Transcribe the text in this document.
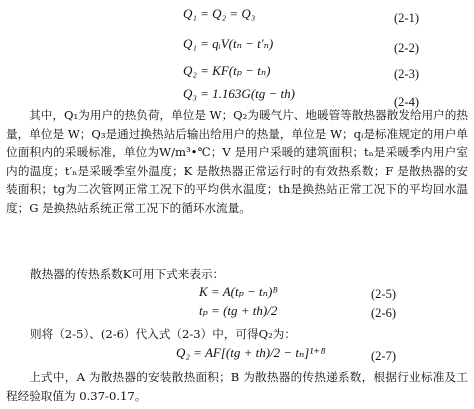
Q₁ = Q₂ = Q₃	(2-1)
Q₁ = qᵢV(tₙ − t′ₙ)	(2-2)
Q₂ = KF(tₚ − tₙ)	(2-3)
Q₃ = 1.163G(tg − th)
(2-4)

其中，Q₁为用户的热负荷，单位是 W；Q₂为暖气片、地暖管等散热器散发给用户的热量，单位是 W；Q₃是通过换热站后输出给用户的热量，单位是 W；qᵢ是标准规定的用户单位面积内的采暖标准，单位为W/m³•℃；V 是用户采暖的建筑面积；tₙ是采暖季内用户室内的温度；t′ₙ是采暖季室外温度；K 是散热器正常运行时的有效热系数；F 是散热器的安装面积；tg为二次管网正常工况下的平均供水温度；th是换热站正常工况下的平均回水温度；G 是换热站系统正常工况下的循环水流量。

散热器的传热系数K可用下式来表示：
K = A(tₚ − tₙ)ᴮ	(2-5)
tₚ = (tg + th)/2	(2-6)
则将（2-5）、(2-6）代入式（2-3）中，可得Q₂为：
Q₂ = AF[(tg + th)/2 − tₙ]¹⁺ᴮ	(2-7)

上式中，A 为散热器的安装散热面积；B 为散热器的传热递系数，根据行业标准及工程经验取值为 0.37-0.17。
